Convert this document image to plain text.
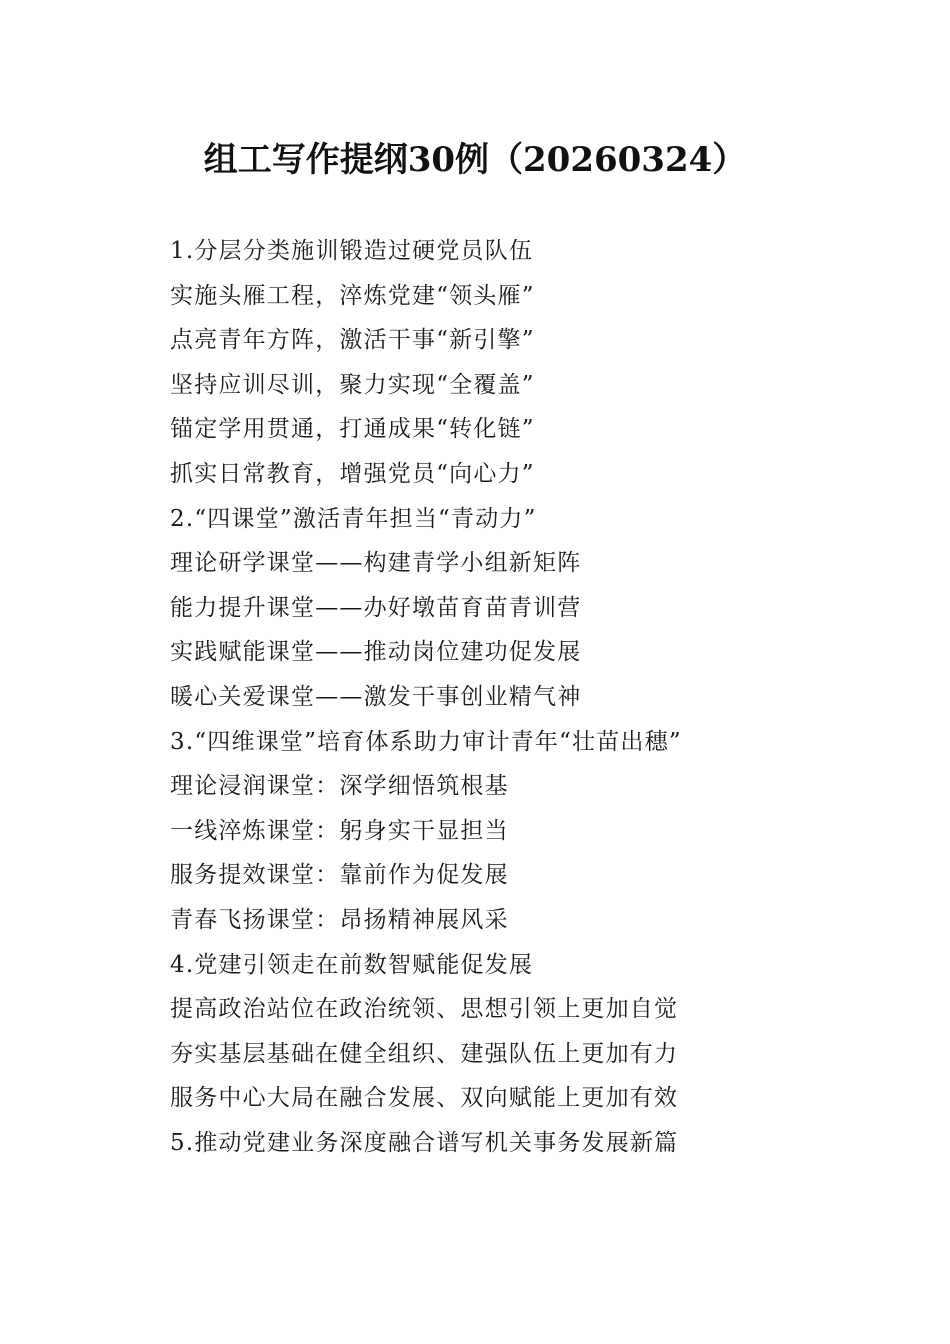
组工写作提纲30例（20260324）
1.分层分类施训锻造过硬党员队伍
实施头雁工程，淬炼党建“领头雁”
点亮青年方阵，激活干事“新引擎”
坚持应训尽训，聚力实现“全覆盖”
锚定学用贯通，打通成果“转化链”
抓实日常教育，增强党员“向心力”
2.“四课堂”激活青年担当“青动力”
理论研学课堂——构建青学小组新矩阵
能力提升课堂——办好墩苗育苗青训营
实践赋能课堂——推动岗位建功促发展
暖心关爱课堂——激发干事创业精气神
3.“四维课堂”培育体系助力审计青年“壮苗出穗”
理论浸润课堂：深学细悟筑根基
一线淬炼课堂：躬身实干显担当
服务提效课堂：靠前作为促发展
青春飞扬课堂：昂扬精神展风采
4.党建引领走在前数智赋能促发展
提高政治站位在政治统领、思想引领上更加自觉
夯实基层基础在健全组织、建强队伍上更加有力
服务中心大局在融合发展、双向赋能上更加有效
5.推动党建业务深度融合谱写机关事务发展新篇
